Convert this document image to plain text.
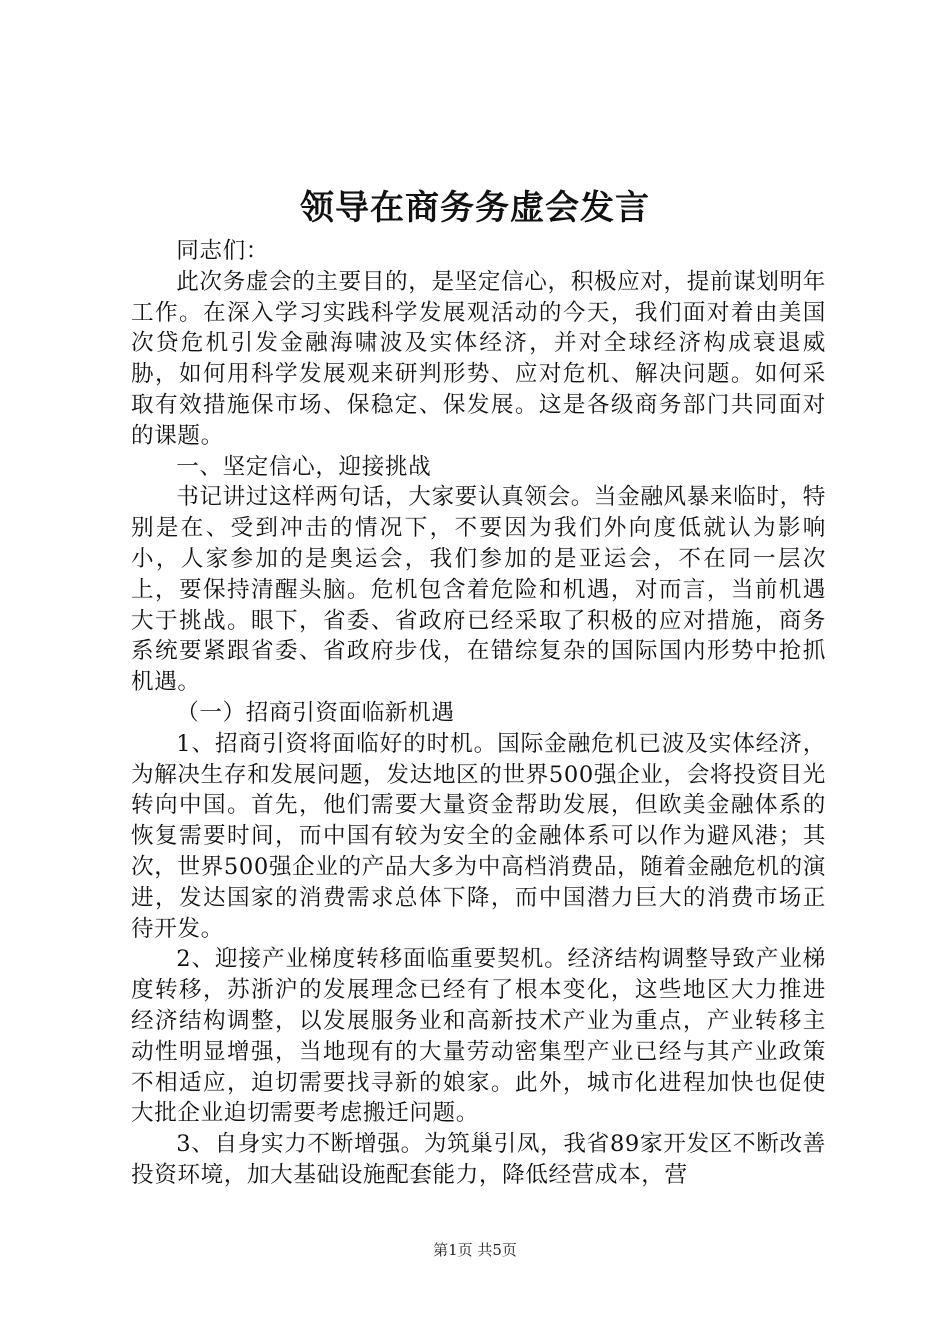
领导在商务务虚会发言

同志们：

此次务虚会的主要目的，是坚定信心，积极应对，提前谋划明年工作。在深入学习实践科学发展观活动的今天，我们面对着由美国次贷危机引发金融海啸波及实体经济，并对全球经济构成衰退威胁，如何用科学发展观来研判形势、应对危机、解决问题。如何采取有效措施保市场、保稳定、保发展。这是各级商务部门共同面对的课题。

一、坚定信心，迎接挑战

书记讲过这样两句话，大家要认真领会。当金融风暴来临时，特别是在、受到冲击的情况下，不要因为我们外向度低就认为影响小，人家参加的是奥运会，我们参加的是亚运会，不在同一层次上，要保持清醒头脑。危机包含着危险和机遇，对而言，当前机遇大于挑战。眼下，省委、省政府已经采取了积极的应对措施，商务系统要紧跟省委、省政府步伐，在错综复杂的国际国内形势中抢抓机遇。

（一）招商引资面临新机遇

1、招商引资将面临好的时机。国际金融危机已波及实体经济，为解决生存和发展问题，发达地区的世界500强企业，会将投资目光转向中国。首先，他们需要大量资金帮助发展，但欧美金融体系的恢复需要时间，而中国有较为安全的金融体系可以作为避风港；其次，世界500强企业的产品大多为中高档消费品，随着金融危机的演进，发达国家的消费需求总体下降，而中国潜力巨大的消费市场正待开发。

2、迎接产业梯度转移面临重要契机。经济结构调整导致产业梯度转移，苏浙沪的发展理念已经有了根本变化，这些地区大力推进经济结构调整，以发展服务业和高新技术产业为重点，产业转移主动性明显增强，当地现有的大量劳动密集型产业已经与其产业政策不相适应，迫切需要找寻新的娘家。此外，城市化进程加快也促使大批企业迫切需要考虑搬迁问题。

3、自身实力不断增强。为筑巢引凤，我省89家开发区不断改善投资环境，加大基础设施配套能力，降低经营成本，营

第1页 共5页
